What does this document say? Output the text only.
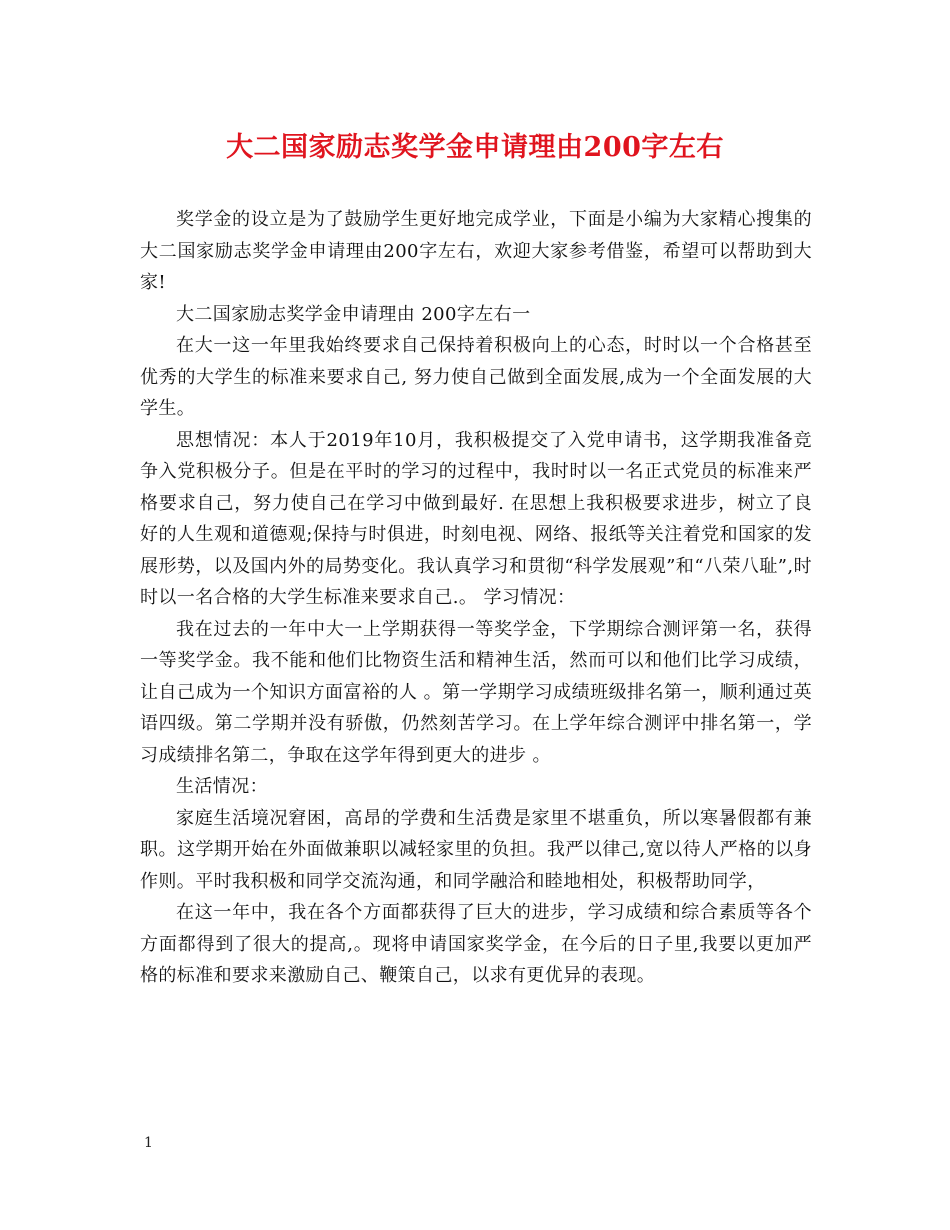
大二国家励志奖学金申请理由200字左右

奖学金的设立是为了鼓励学生更好地完成学业，下面是小编为大家精心搜集的大二国家励志奖学金申请理由200字左右，欢迎大家参考借鉴，希望可以帮助到大家!

大二国家励志奖学金申请理由 200字左右一

在大一这一年里我始终要求自己保持着积极向上的心态，时时以一个合格甚至优秀的大学生的标准来要求自己, 努力使自己做到全面发展,成为一个全面发展的大学生。

思想情况：本人于2019年10月，我积极提交了入党申请书，这学期我准备竞争入党积极分子。但是在平时的学习的过程中，我时时以一名正式党员的标准来严格要求自己，努力使自己在学习中做到最好. 在思想上我积极要求进步，树立了良好的人生观和道德观;保持与时俱进，时刻电视、网络、报纸等关注着党和国家的发展形势，以及国内外的局势变化。我认真学习和贯彻“科学发展观”和“八荣八耻”,时时以一名合格的大学生标准来要求自己.。 学习情况：

我在过去的一年中大一上学期获得一等奖学金，下学期综合测评第一名，获得一等奖学金。我不能和他们比物资生活和精神生活，然而可以和他们比学习成绩，让自己成为一个知识方面富裕的人 。第一学期学习成绩班级排名第一，顺利通过英语四级。第二学期并没有骄傲，仍然刻苦学习。在上学年综合测评中排名第一，学习成绩排名第二，争取在这学年得到更大的进步 。

生活情况：

家庭生活境况窘困，高昂的学费和生活费是家里不堪重负，所以寒暑假都有兼职。这学期开始在外面做兼职以减轻家里的负担。我严以律己,宽以待人严格的以身作则。平时我积极和同学交流沟通，和同学融洽和睦地相处，积极帮助同学，

在这一年中，我在各个方面都获得了巨大的进步，学习成绩和综合素质等各个方面都得到了很大的提高,。现将申请国家奖学金，在今后的日子里,我要以更加严格的标准和要求来激励自己、鞭策自己，以求有更优异的表现。

1
